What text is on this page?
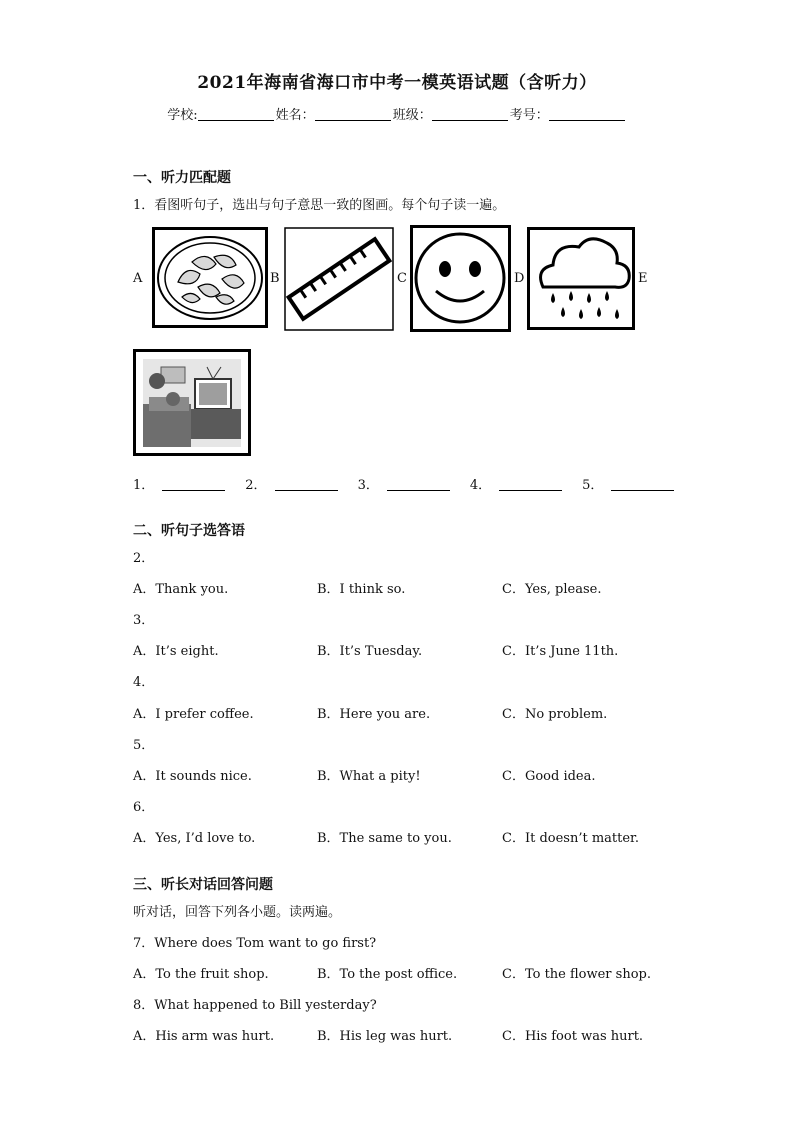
2021年海南省海口市中考一模英语试题（含听力）
学校:	姓名：	班级：	考号：
一、听力匹配题
1．看图听句子，选出与句子意思一致的图画。每个句子读一遍。
A	B	C	D	E
1．	2．	3．	4．	5．
二、听句子选答语
2．
A．Thank you.	B．I think so.	C．Yes, please.
3．
A．It’s eight.	B．It’s Tuesday.	C．It’s June 11th.
4．
A．I prefer coffee.	B．Here you are.	C．No problem.
5．
A．It sounds nice.	B．What a pity!	C．Good idea.
6．
A．Yes, I’d love to.	B．The same to you.	C．It doesn’t matter.
三、听长对话回答问题
听对话，回答下列各小题。读两遍。
7．Where does Tom want to go first?
A．To the fruit shop.	B．To the post office.	C．To the flower shop.
8．What happened to Bill yesterday?
A．His arm was hurt.	B．His leg was hurt.	C．His foot was hurt.
